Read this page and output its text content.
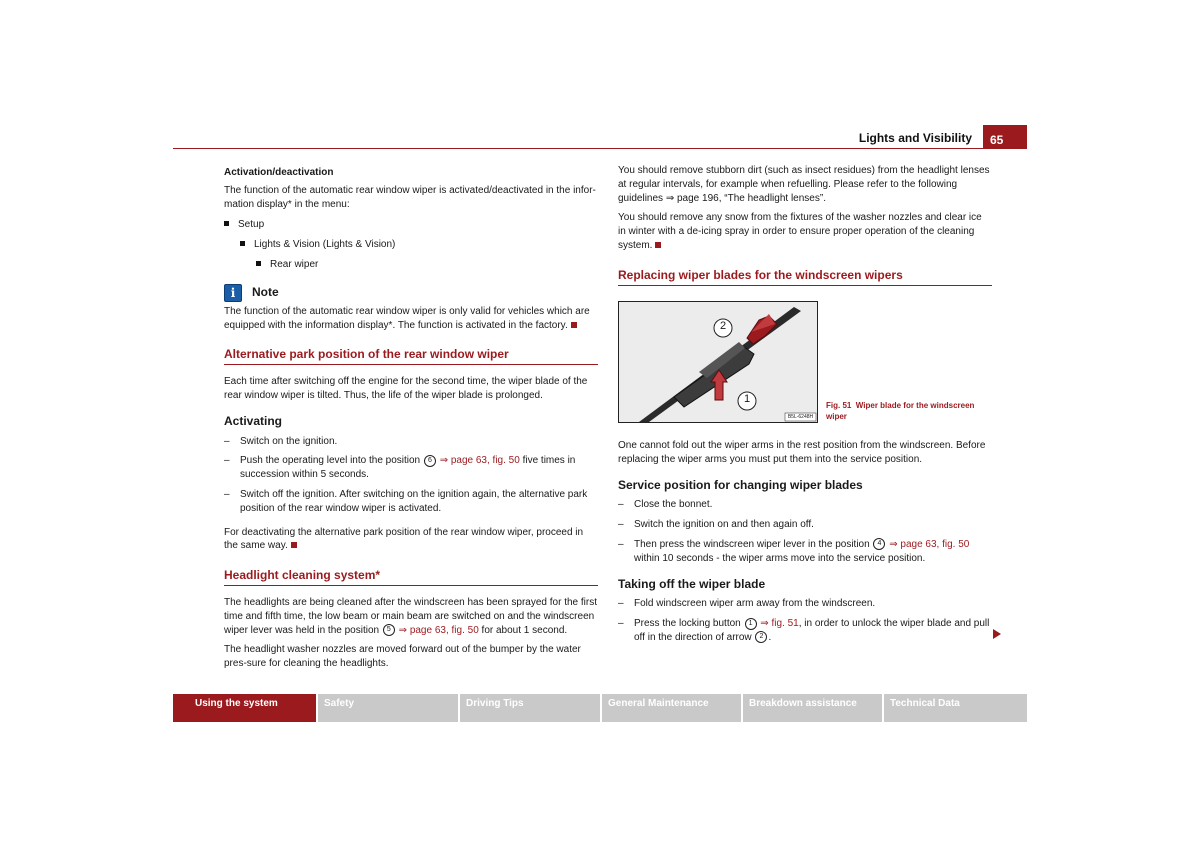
Lights and Visibility	65
Activation/deactivation

The function of the automatic rear window wiper is activated/deactivated in the infor-mation display* in the menu:

Setup
Lights & Vision (Lights & Vision)
Rear wiper
i	Note

The function of the automatic rear window wiper is only valid for vehicles which are equipped with the information display*. The function is activated in the factory.

Alternative park position of the rear window wiper

Each time after switching off the engine for the second time, the wiper blade of the rear window wiper is tilted. Thus, the life of the wiper blade is prolonged.

Activating
–	Switch on the ignition.
–	Push the operating level into the position 6 ⇒ page 63, fig. 50 five times in succession within 5 seconds.
–	Switch off the ignition. After switching on the ignition again, the alternative park position of the rear window wiper is activated.

For deactivating the alternative park position of the rear window wiper, proceed in the same way.

Headlight cleaning system*

The headlights are being cleaned after the windscreen has been sprayed for the first time and fifth time, the low beam or main beam are switched on and the windscreen wiper lever was held in the position 5 ⇒ page 63, fig. 50 for about 1 second.

The headlight washer nozzles are moved forward out of the bumper by the water pres-sure for cleaning the headlights.

You should remove stubborn dirt (such as insect residues) from the headlight lenses at regular intervals, for example when refuelling. Please refer to the following guidelines ⇒ page 196, “The headlight lenses”.

You should remove any snow from the fixtures of the washer nozzles and clear ice in winter with a de-icing spray in order to ensure proper operation of the cleaning system.

Replacing wiper blades for the windscreen wipers
2
1
B5L-6248H
Fig. 51 Wiper blade for the windscreen wiper

One cannot fold out the wiper arms in the rest position from the windscreen. Before replacing the wiper arms you must put them into the service position.

Service position for changing wiper blades
–	Close the bonnet.
–	Switch the ignition on and then again off.
–	Then press the windscreen wiper lever in the position 4 ⇒ page 63, fig. 50 within 10 seconds - the wiper arms move into the service position.
Taking off the wiper blade
–	Fold windscreen wiper arm away from the windscreen.
–	Press the locking button 1 ⇒ fig. 51, in order to unlock the wiper blade and pull off in the direction of arrow 2 .
Using the system	Safety	Driving Tips	General Maintenance	Breakdown assistance	Technical Data
